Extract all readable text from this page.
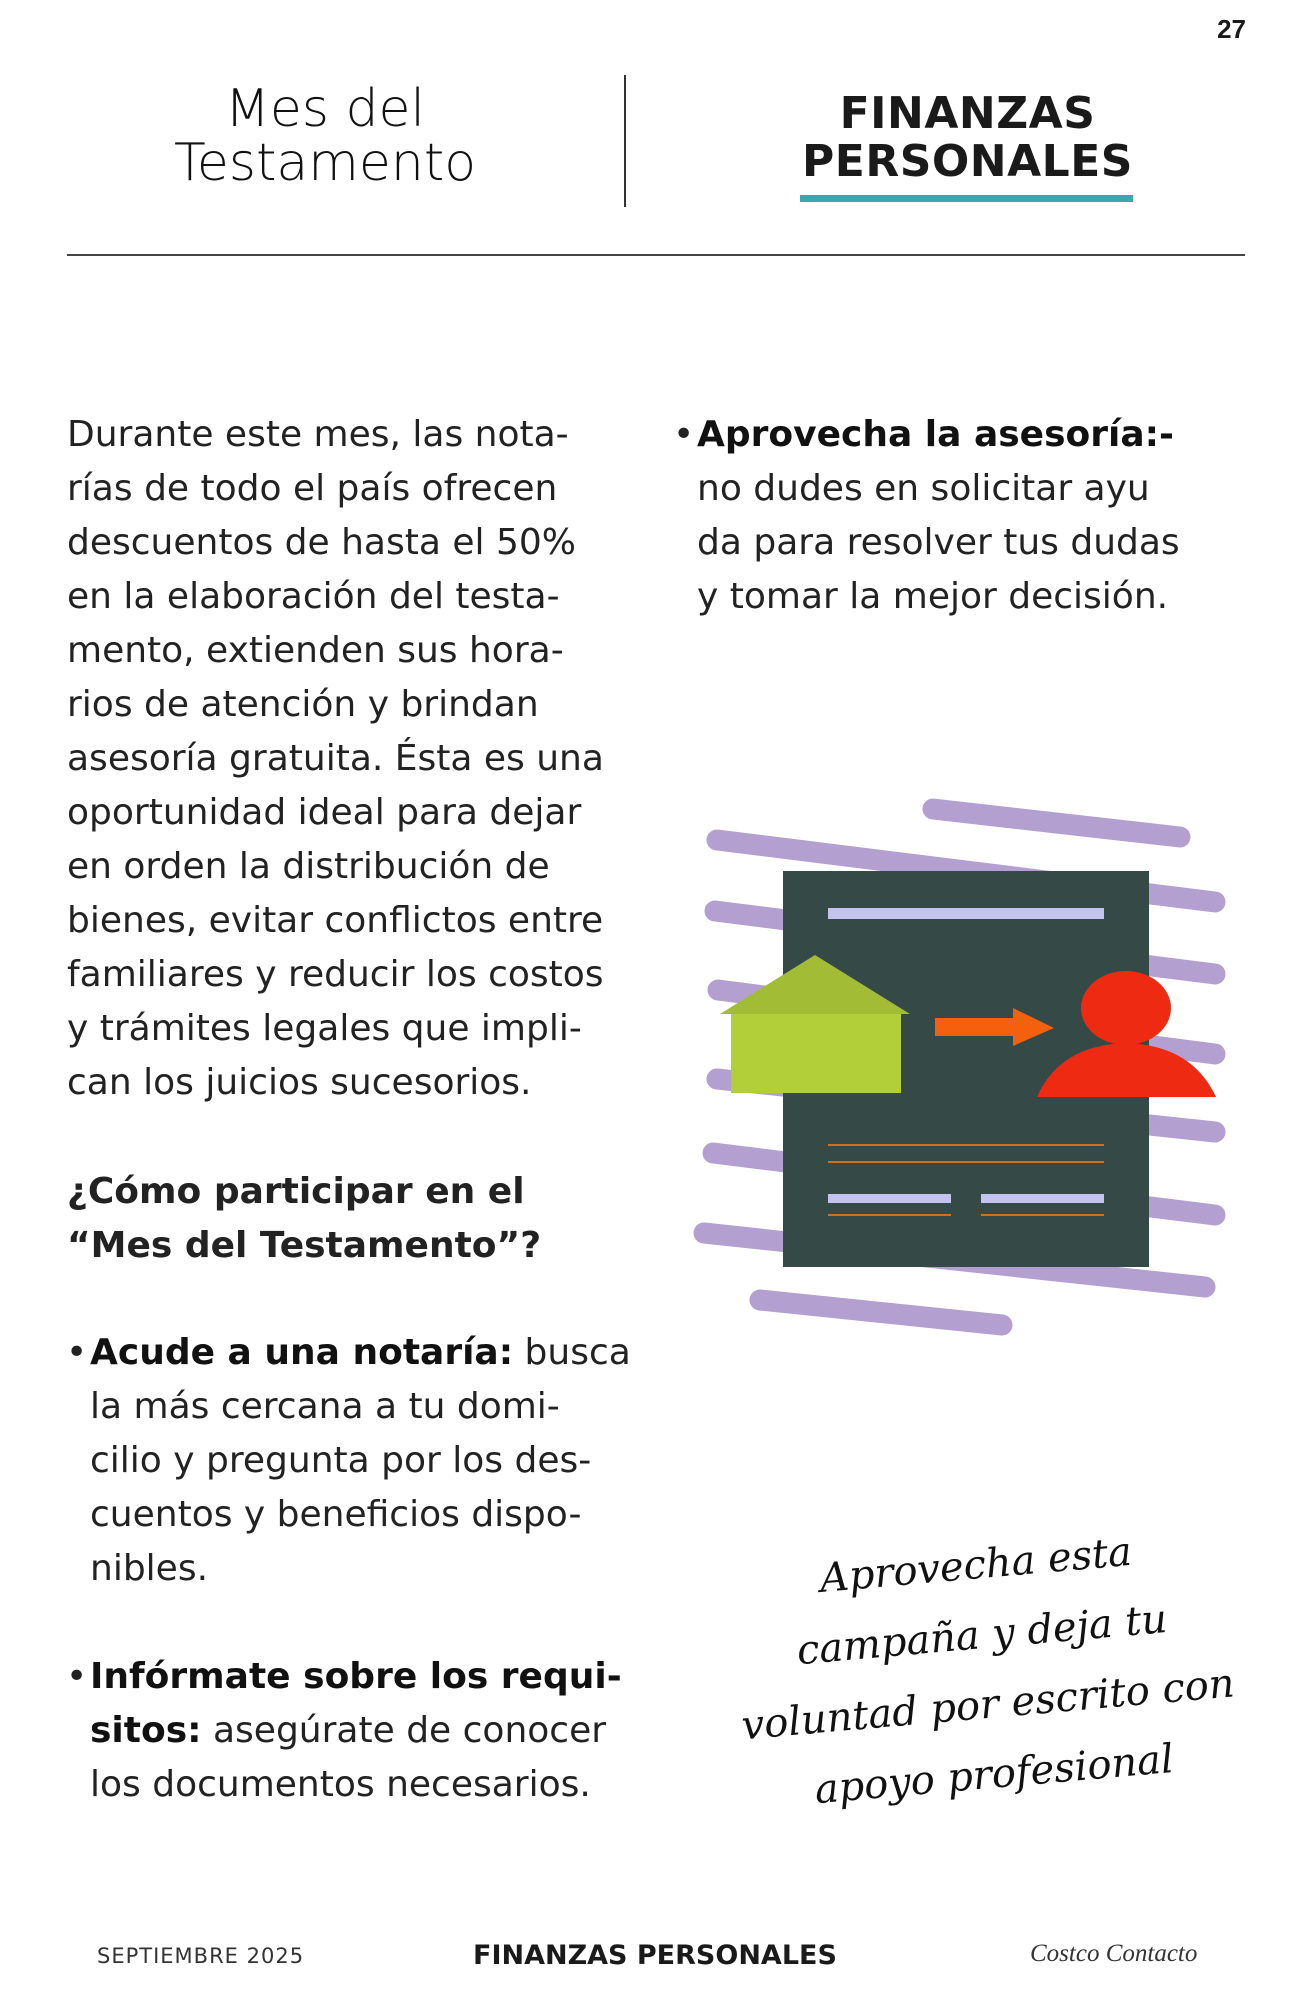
27
Mes del
Testamento
FINANZAS
PERSONALES
Durante este mes, las nota-
rías de todo el país ofrecen
descuentos de hasta el 50%
en la elaboración del testa-
mento, extienden sus hora-
rios de atención y brindan
asesoría gratuita. Ésta es una
oportunidad ideal para dejar
en orden la distribución de
bienes, evitar conflictos entre
familiares y reducir los costos
y trámites legales que impli-
can los juicios sucesorios.
¿Cómo participar en el
“Mes del Testamento”?
• Acude a una notaría: busca
la más cercana a tu domi-
cilio y pregunta por los des-
cuentos y beneficios dispo-
nibles.
• Infórmate sobre los requi-
sitos: asegúrate de conocer
los documentos necesarios.
• Aprovecha la asesoría:-
no dudes en solicitar ayu
da para resolver tus dudas
y tomar la mejor decisión.
Aprovecha esta
campaña y deja tu
voluntad por escrito con
apoyo profesional
SEPTIEMBRE 2025	FINANZAS PERSONALES	Costco Contacto
